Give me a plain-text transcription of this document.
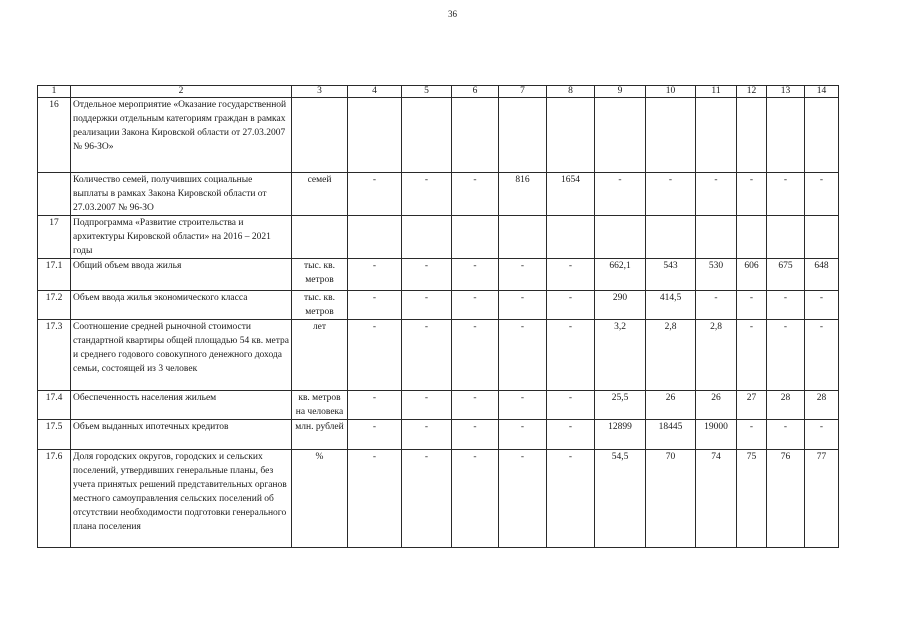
36
1	2	3	4	5	6	7	8	9	10	11	12	13	14
16	Отдельное мероприятие «Оказание государственной поддержки отдельным категориям граждан в рамках реализации Закона Кировской области от 27.03.2007 № 96-ЗО»												
	Количество семей, получивших социальные выплаты в рамках Закона Кировской области от 27.03.2007 № 96-ЗО	семей	-	-	-	816	1654	-	-	-	-	-	-
17	Подпрограмма «Развитие строительства и архитектуры Кировской области» на 2016 – 2021 годы												
17.1	Общий объем ввода жилья	тыс. кв. метров	-	-	-	-	-	662,1	543	530	606	675	648
17.2	Объем ввода жилья экономического класса	тыс. кв. метров	-	-	-	-	-	290	414,5	-	-	-	-
17.3	Соотношение средней рыночной стоимости стандартной квартиры общей площадью 54 кв. метра и среднего годового совокупного денежного дохода семьи, состоящей из 3 человек	лет	-	-	-	-	-	3,2	2,8	2,8	-	-	-
17.4	Обеспеченность населения жильем	кв. метров на человека	-	-	-	-	-	25,5	26	26	27	28	28
17.5	Объем выданных ипотечных кредитов	млн. рублей	-	-	-	-	-	12899	18445	19000	-	-	-
17.6	Доля городских округов, городских и сельских поселений, утвердивших генеральные планы, без учета принятых решений представительных органов местного самоуправления сельских поселений об отсутствии необходимости подготовки генерального плана поселения	%	-	-	-	-	-	54,5	70	74	75	76	77
